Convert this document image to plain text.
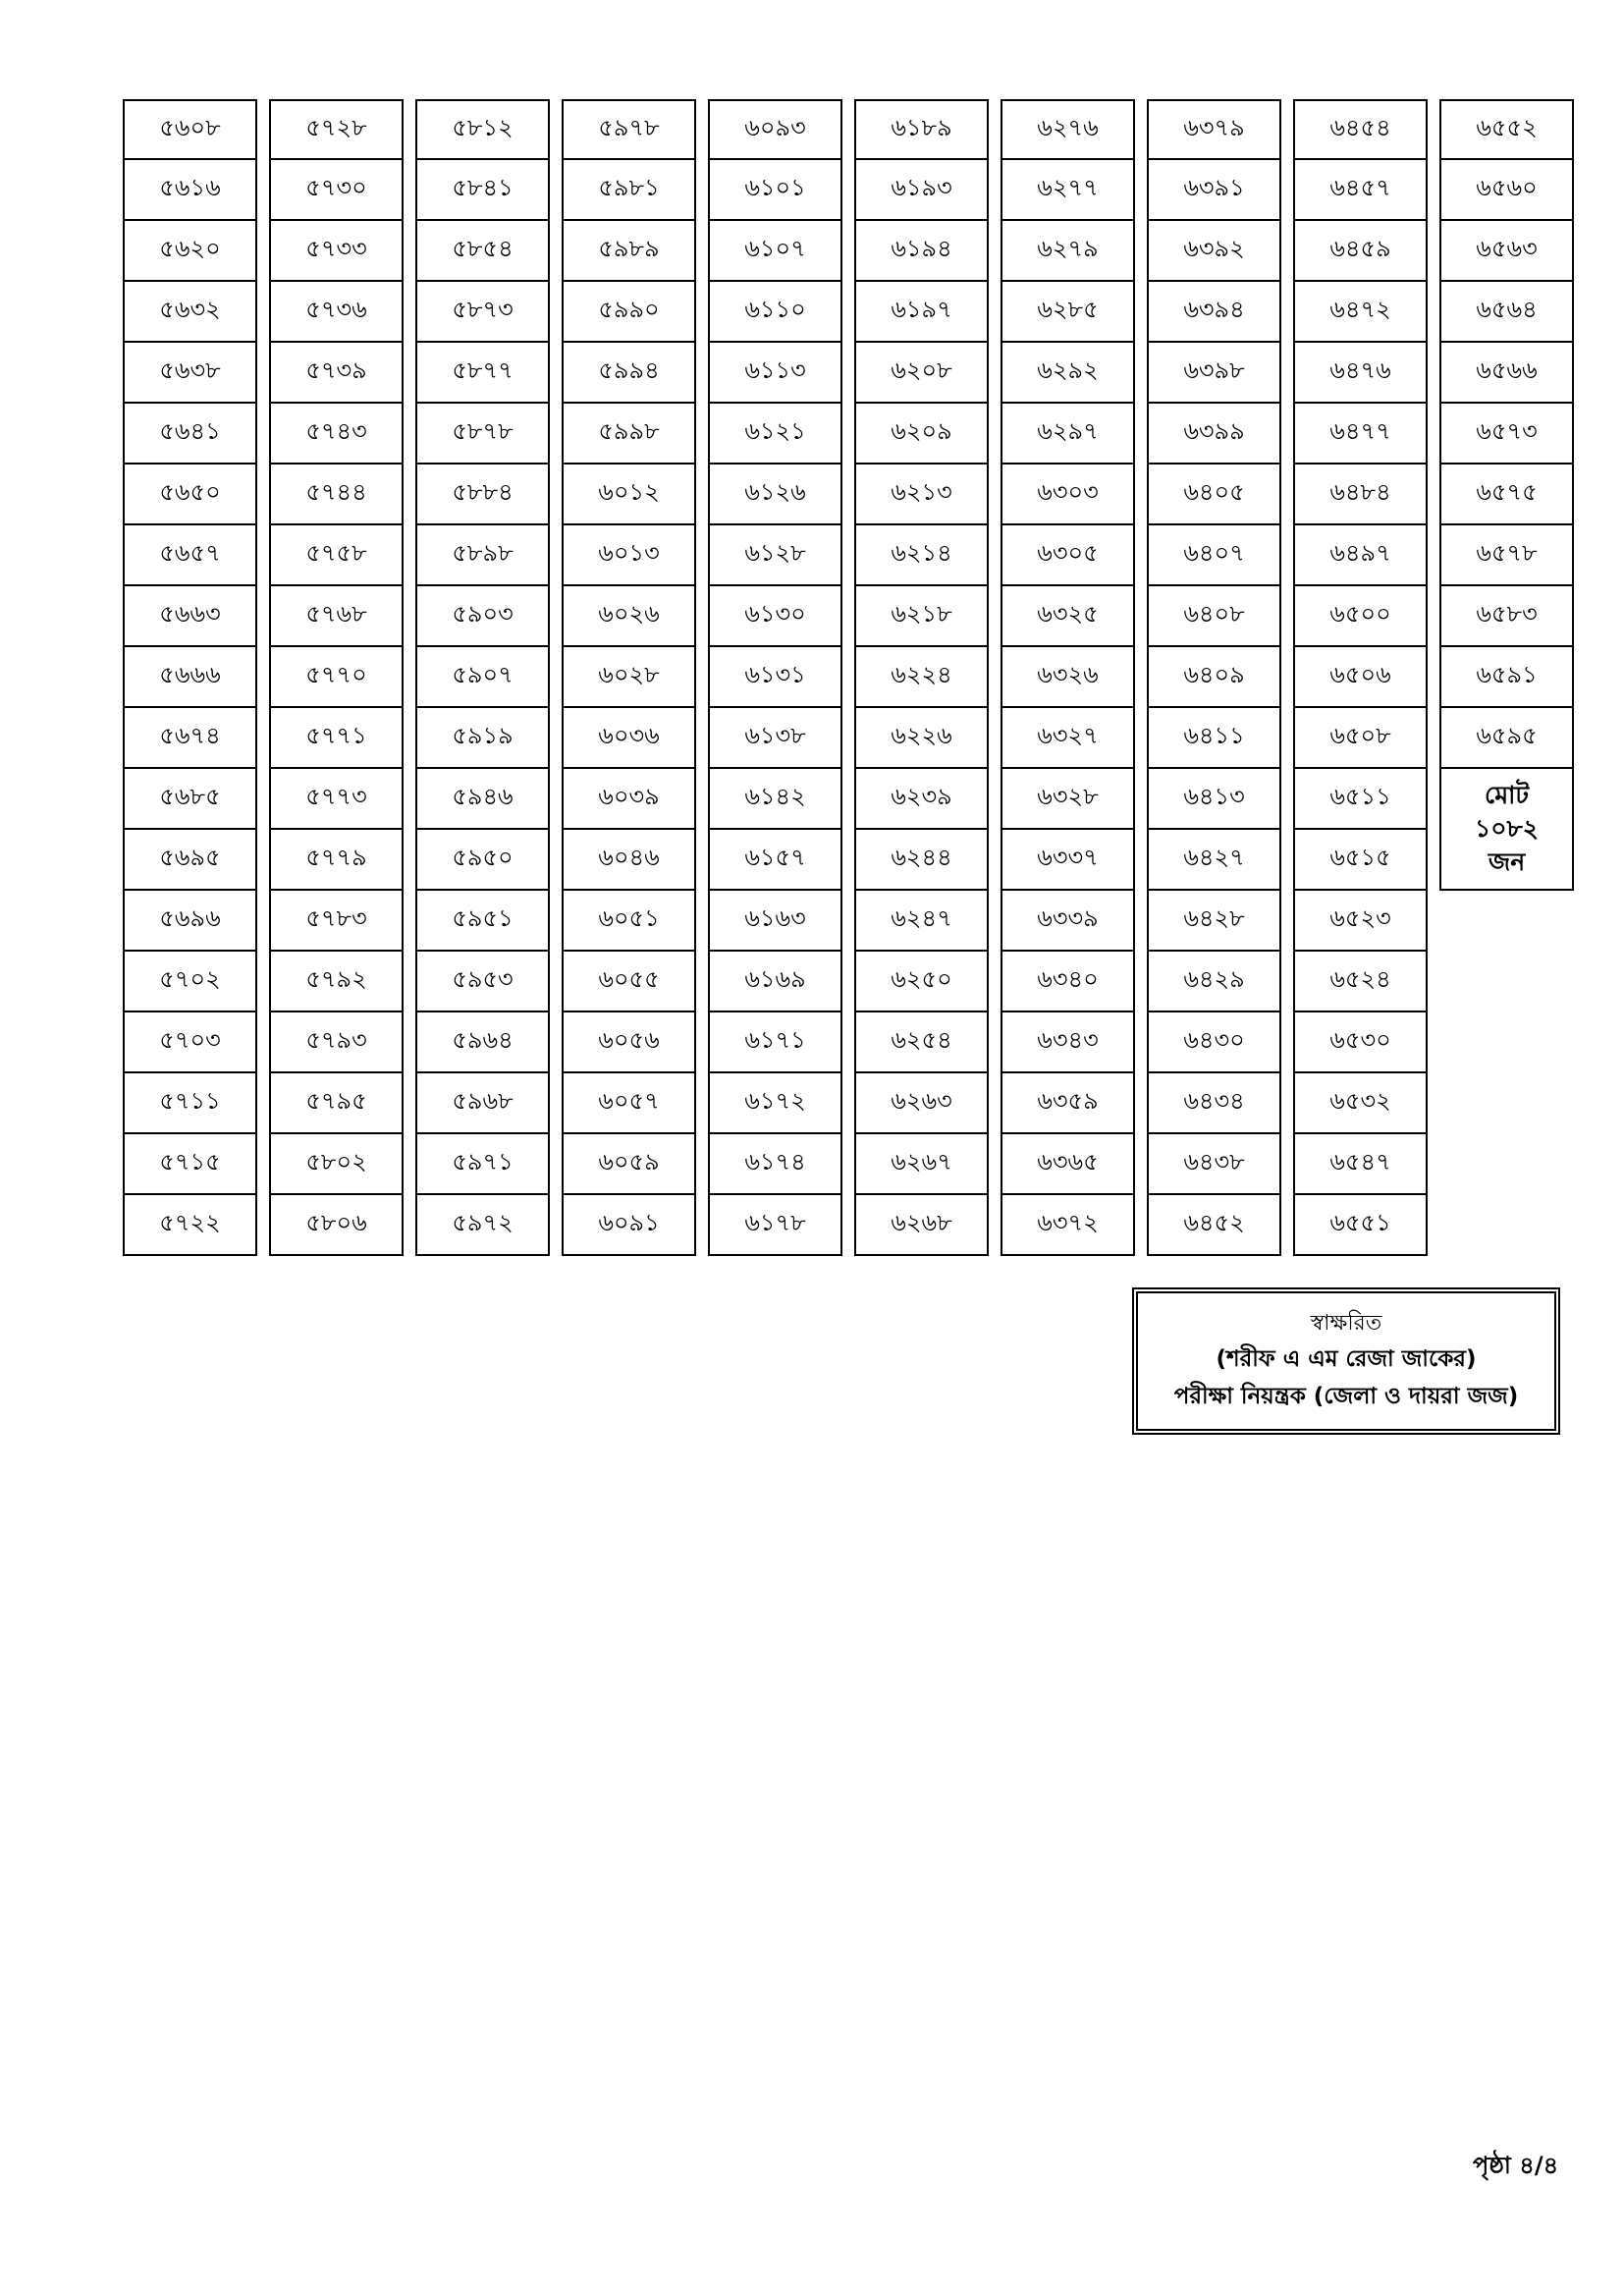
৫৬০৮
৫৬১৬
৫৬২০
৫৬৩২
৫৬৩৮
৫৬৪১
৫৬৫০
৫৬৫৭
৫৬৬৩
৫৬৬৬
৫৬৭৪
৫৬৮৫
৫৬৯৫
৫৬৯৬
৫৭০২
৫৭০৩
৫৭১১
৫৭১৫
৫৭২২
৫৭২৮
৫৭৩০
৫৭৩৩
৫৭৩৬
৫৭৩৯
৫৭৪৩
৫৭৪৪
৫৭৫৮
৫৭৬৮
৫৭৭০
৫৭৭১
৫৭৭৩
৫৭৭৯
৫৭৮৩
৫৭৯২
৫৭৯৩
৫৭৯৫
৫৮০২
৫৮০৬
৫৮১২
৫৮৪১
৫৮৫৪
৫৮৭৩
৫৮৭৭
৫৮৭৮
৫৮৮৪
৫৮৯৮
৫৯০৩
৫৯০৭
৫৯১৯
৫৯৪৬
৫৯৫০
৫৯৫১
৫৯৫৩
৫৯৬৪
৫৯৬৮
৫৯৭১
৫৯৭২
৫৯৭৮
৫৯৮১
৫৯৮৯
৫৯৯০
৫৯৯৪
৫৯৯৮
৬০১২
৬০১৩
৬০২৬
৬০২৮
৬০৩৬
৬০৩৯
৬০৪৬
৬০৫১
৬০৫৫
৬০৫৬
৬০৫৭
৬০৫৯
৬০৯১
৬০৯৩
৬১০১
৬১০৭
৬১১০
৬১১৩
৬১২১
৬১২৬
৬১২৮
৬১৩০
৬১৩১
৬১৩৮
৬১৪২
৬১৫৭
৬১৬৩
৬১৬৯
৬১৭১
৬১৭২
৬১৭৪
৬১৭৮
৬১৮৯
৬১৯৩
৬১৯৪
৬১৯৭
৬২০৮
৬২০৯
৬২১৩
৬২১৪
৬২১৮
৬২২৪
৬২২৬
৬২৩৯
৬২৪৪
৬২৪৭
৬২৫০
৬২৫৪
৬২৬৩
৬২৬৭
৬২৬৮
৬২৭৬
৬২৭৭
৬২৭৯
৬২৮৫
৬২৯২
৬২৯৭
৬৩০৩
৬৩০৫
৬৩২৫
৬৩২৬
৬৩২৭
৬৩২৮
৬৩৩৭
৬৩৩৯
৬৩৪০
৬৩৪৩
৬৩৫৯
৬৩৬৫
৬৩৭২
৬৩৭৯
৬৩৯১
৬৩৯২
৬৩৯৪
৬৩৯৮
৬৩৯৯
৬৪০৫
৬৪০৭
৬৪০৮
৬৪০৯
৬৪১১
৬৪১৩
৬৪২৭
৬৪২৮
৬৪২৯
৬৪৩০
৬৪৩৪
৬৪৩৮
৬৪৫২
৬৪৫৪
৬৪৫৭
৬৪৫৯
৬৪৭২
৬৪৭৬
৬৪৭৭
৬৪৮৪
৬৪৯৭
৬৫০০
৬৫০৬
৬৫০৮
৬৫১১
৬৫১৫
৬৫২৩
৬৫২৪
৬৫৩০
৬৫৩২
৬৫৪৭
৬৫৫১
৬৫৫২
৬৫৬০
৬৫৬৩
৬৫৬৪
৬৫৬৬
৬৫৭৩
৬৫৭৫
৬৫৭৮
৬৫৮৩
৬৫৯১
৬৫৯৫
মোট
১০৮২
জন
স্বাক্ষরিত
(শরীফ এ এম রেজা জাকের)
পরীক্ষা নিয়ন্ত্রক (জেলা ও দায়রা জজ)
পৃষ্ঠা ৪/৪
